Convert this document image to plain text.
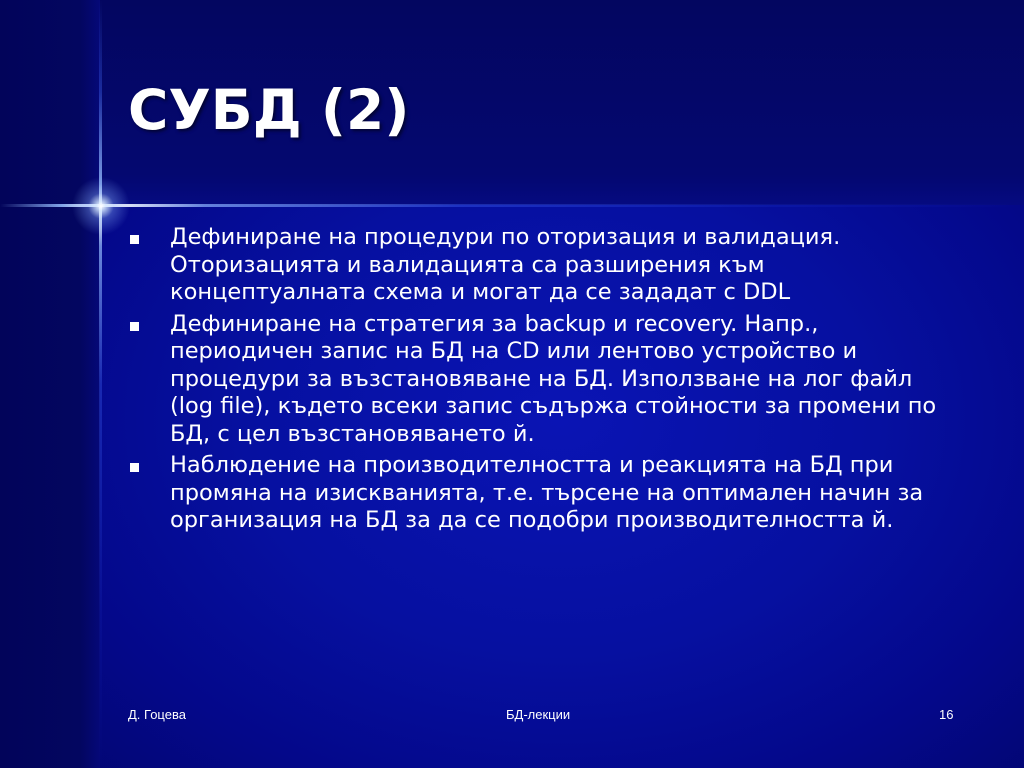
СУБД (2)
Дефиниране на процедури по оторизация и валидация. Оторизацията и валидацията са разширения към концептуалната схема и могат да се зададат с DDL
Дефиниране на стратегия за backup и recovery. Напр., периодичен запис на БД на CD или лентово устройство и процедури за възстановяване на БД. Използване на лог файл (log file), където всеки запис съдържа стойности за промени по БД, с цел възстановяването й.
Наблюдение на производителността и реакцията на БД при промяна на изискванията, т.е. търсене на оптимален начин за организация на БД за да се подобри производителността й.
Д. Гоцева	БД-лекции	16
